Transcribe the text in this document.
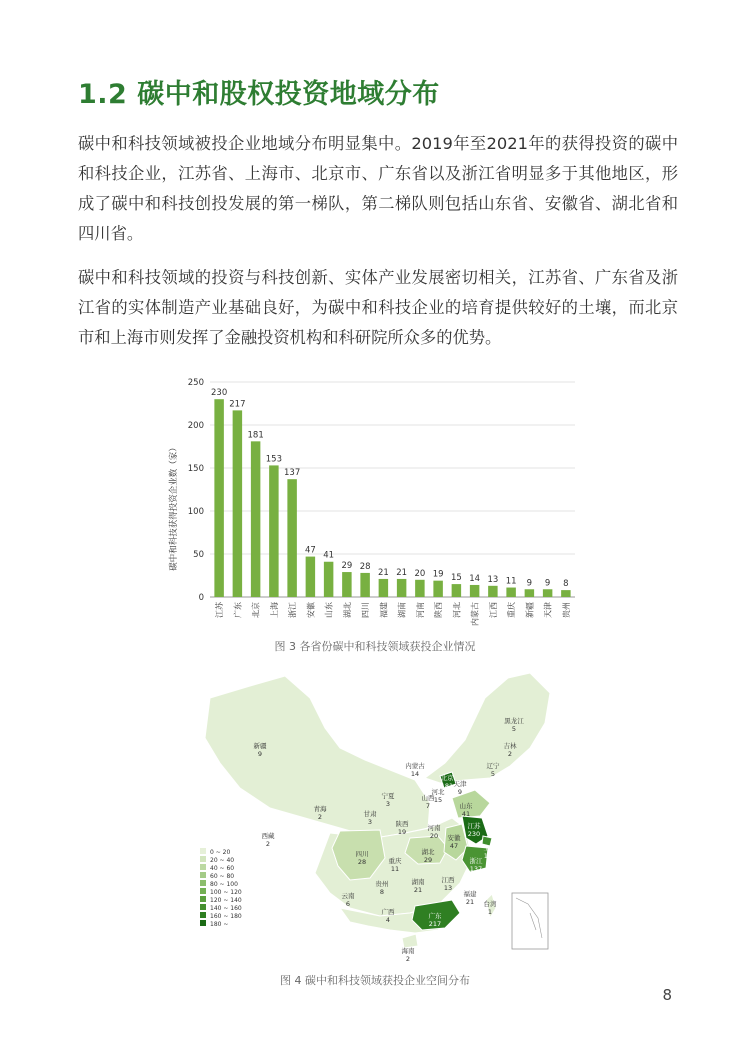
1.2 碳中和股权投资地域分布

碳中和科技领域被投企业地域分布明显集中。2019年至2021年的获得投资的碳中和科技企业，江苏省、上海市、北京市、广东省以及浙江省明显多于其他地区，形成了碳中和科技创投发展的第一梯队，第二梯队则包括山东省、安徽省、湖北省和四川省。

碳中和科技领域的投资与科技创新、实体产业发展密切相关，江苏省、广东省及浙江省的实体制造产业基础良好，为碳中和科技企业的培育提供较好的土壤，而北京市和上海市则发挥了金融投资机构和科研院所众多的优势。

0
50
100
150
200
250
230
217
181
153
137
47
41
29 28
21 21 20 19 15 14 13 11 9 9 8
江苏 广东 北京 上海 浙江 安徽 山东 湖北 四川 福建 湖南 河南 陕西 河北 内蒙古 江西 重庆 新疆 天津 贵州
碳中和科技获得投资企业数（家）

图 3 各省份碳中和科技领域获投企业情况

黑龙江
5
吉林
2
辽宁
5
内蒙古
14
新疆
9
北京
181 天津
9
河北
15
山西
7	山东
41
宁夏
3
青海
2	甘肃
3	陕西
19	河南
20
江苏
230
安徽
47	上海
153
西藏
2
四川
28	重庆
11
湖北
29	浙江
137
贵州
8
湖南
21
江西
13
福建
21
云南
6
广西
4	广东
217
台湾
1
海南
2
0 ~ 20
20 ~ 40
40 ~ 60
60 ~ 80
80 ~ 100
100 ~ 120
120 ~ 140
140 ~ 160
160 ~ 180
180 ~

图 4 碳中和科技领域获投企业空间分布

8
